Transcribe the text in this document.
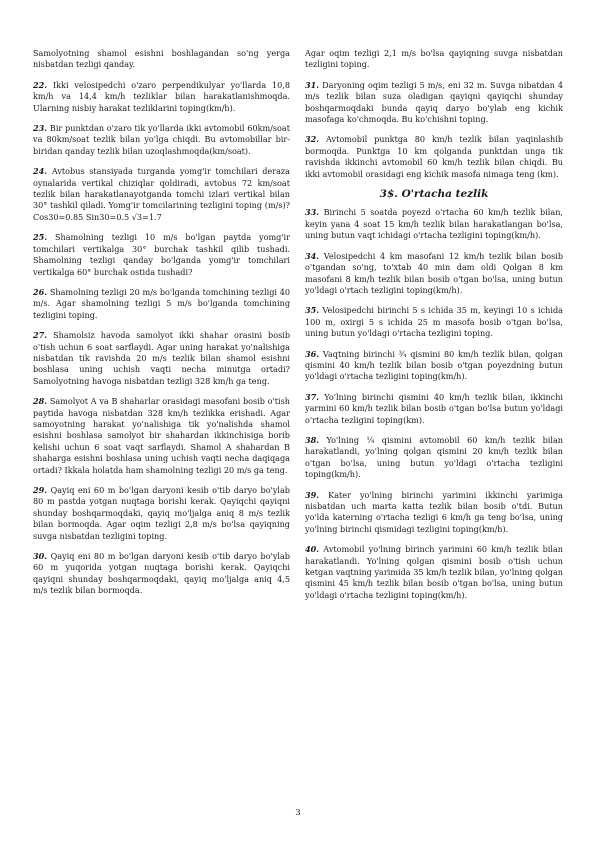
Samolyotning shamol esishni boshlagandan so'ng yerga nisbatdan tezligi qanday.

22. Ikki velosipedchi o'zaro perpendikulyar yo'llarda 10,8 km/h va 14,4 km/h tezliklar bilan harakatlanishmoqda. Ularning nisbiy harakat tezliklarini toping(km/h).

23. Bir punktdan o'zaro tik yo'llarda ikki avtomobil 60km/soat va 80km/soat tezlik bilan yo'lga chiqdi. Bu avtomobillar bir-biridan qanday tezlik bilan uzoqlashmoqda(km/soat).

24. Avtobus stansiyada turganda yomg'ir tomchilari deraza oynalarida vertikal chiziqlar qoldiradi, avtobus 72 km/soat tezlik bilan harakatlanayotganda tomchi izlari vertikal bilan 30° tashkil qiladi. Yomg'ir tomcilarining tezligini toping (m/s)? Cos30=0.85 Sin30=0.5 √3=1.7

25. Shamolning tezligi 10 m/s bo'lgan paytda yomg'ir tomchilari vertikalga 30° burchak tashkil qilib tushadi. Shamolning tezligi qanday bo'lganda yomg'ir tomchilari vertikalga 60° burchak ostida tushadi?

26. Shamolning tezligi 20 m/s bo'lganda tomchining tezligi 40 m/s. Agar shamolning tezligi 5 m/s bo'lganda tomchining tezligini toping.

27. Shamolsiz havoda samolyot ikki shahar orasini bosib o'tish uchun 6 soat sarflaydi. Agar uning harakat yo'nalishiga nisbatdan tik ravishda 20 m/s tezlik bilan shamol esishni boshlasa uning uchish vaqti necha minutga ortadi? Samolyotning havoga nisbatdan tezligi 328 km/h ga teng.

28. Samolyot A va B shaharlar orasidagi masofani bosib o'tish paytida havoga nisbatdan 328 km/h tezlikka erishadi. Agar samoyotning harakat yo'nalishiga tik yo'nalishda shamol esishni boshlasa samolyot bir shahardan ikkinchisiga borib kelishi uchun 6 soat vaqt sarflaydi. Shamol A shahardan B shaharga esishni boshlasa uning uchish vaqti necha daqiqaga ortadi? Ikkala holatda ham shamolning tezligi 20 m/s ga teng.

29. Qayiq eni 60 m bo'lgan daryoni kesib o'tib daryo bo'ylab 80 m pastda yotgan nuqtaga borishi kerak. Qayiqchi qayiqni shunday boshqarmoqdaki, qayiq mo'ljalga aniq 8 m/s tezlik bilan bormoqda. Agar oqim tezligi 2,8 m/s bo'lsa qayiqning suvga nisbatdan tezligini toping.

30. Qayiq eni 80 m bo'lgan daryoni kesib o'tib daryo bo'ylab 60 m yuqorida yotgan nuqtaga borishi kerak. Qayiqchi qayiqni shunday boshqarmoqdaki, qayiq mo'ljalga aniq 4,5 m/s tezlik bilan bormoqda.

Agar oqim tezligi 2,1 m/s bo'lsa qayiqning suvga nisbatdan tezligini toping.

31. Daryoning oqim tezligi 5 m/s, eni 32 m. Suvga nibatdan 4 m/s tezlik bilan suza oladigan qayiqni qayiqchi shunday boshqarmoqdaki bunda qayiq daryo bo'ylab eng kichik masofaga ko'chmoqda. Bu ko'chishni toping.

32. Avtomobil punktga 80 km/h tezlik bilan yaqinlashib bormoqda. Punktga 10 km qolganda punktdan unga tik ravishda ikkinchi avtomobil 60 km/h tezlik bilan chiqdi. Bu ikki avtomobil orasidagi eng kichik masofa nimaga teng (km).

3$. O'rtacha tezlik

33. Birinchi 5 soatda poyezd o'rtacha 60 km/h tezlik bilan, keyin yana 4 soat 15 km/h tezlik bilan harakatlangan bo'lsa, uning butun vaqt ichidagi o'rtacha tezligini toping(km/h).

34. Velosipedchi 4 km masofani 12 km/h tezlik bilan bosib o'tgandan so'ng, to'xtab 40 min dam oldi Qolgan 8 km masofani 8 km/h tezlik bilan bosib o'tgan bo'lsa, uning butun yo'ldagi o'rtach tezligini toping(km/h).

35. Velosipedchi birinchi 5 s ichida 35 m, keyingi 10 s ichida 100 m, oxirgi 5 s ichida 25 m masofa bosib o'tgan bo'lsa, uning butun yo'ldagi o'rtacha tezligini toping.

36. Vaqtning birinchi ¾ qismini 80 km/h tezlik bilan, qolgan qismini 40 km/h tezlik bilan bosib o'tgan poyezdning butun yo'ldagi o'rtacha tezligini toping(km/h).

37. Yo'lning birinchi qismini 40 km/h tezlik bilan, ikkinchi yarmini 60 km/h tezlik bilan bosib o'tgan bo'lsa butun yo'ldagi o'rtacha tezligini toping(km).

38. Yo'lning ¼ qismini avtomobil 60 km/h tezlik bilan harakatlandi, yo'lning qolgan qismini 20 km/h tezlik bilan o'tgan bo'lsa, uning butun yo'ldagi o'rtacha tezligini toping(km/h).

39. Kater yo'lning birinchi yarimini ikkinchi yarimiga nisbatdan uch marta katta tezlik bilan bosib o'tdi. Butun yo'lda katerning o'rtacha tezligi 6 km/h ga teng bo'lsa, uning yo'lning birinchi qismidagi tezligini toping(km/h).

40. Avtomobil yo'lning birinch yarimini 60 km/h tezlik bilan harakatlandi. Yo'lning qolgan qismini bosib o'tish uchun ketgan vaqtning yarimida 35 km/h tezlik bilan, yo'lning qolgan qismini 45 km/h tezlik bilan bosib o'tgan bo'lsa, uning butun yo'ldagi o'rtacha tezligini toping(km/h).

3
